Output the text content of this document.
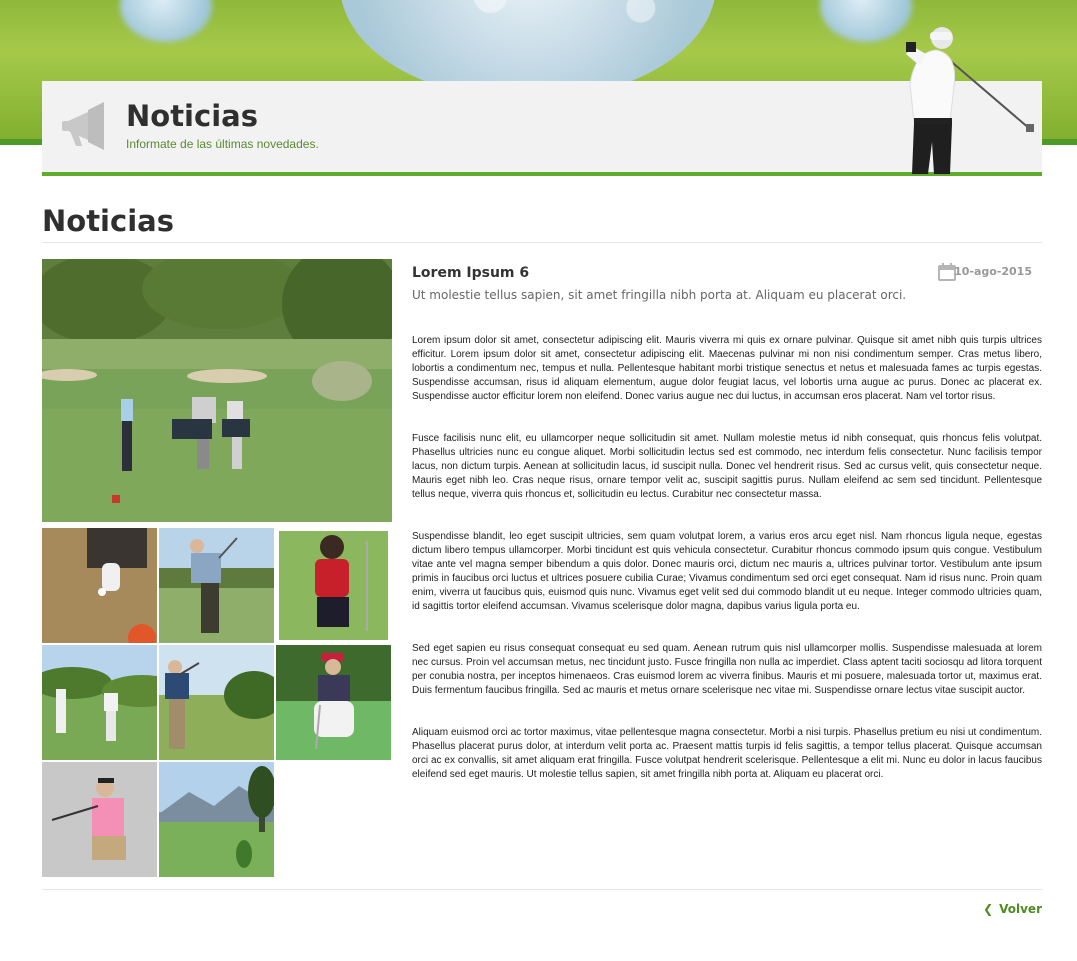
Noticias
Informate de las últimas novedades.
Noticias
Lorem Ipsum 6	10-ago-2015
Ut molestie tellus sapien, sit amet fringilla nibh porta at. Aliquam eu placerat orci.

Lorem ipsum dolor sit amet, consectetur adipiscing elit. Mauris viverra mi quis ex ornare pulvinar. Quisque sit amet nibh quis turpis ultrices efficitur. Lorem ipsum dolor sit amet, consectetur adipiscing elit. Maecenas pulvinar mi non nisi condimentum semper. Cras metus libero, lobortis a condimentum nec, tempus et nulla. Pellentesque habitant morbi tristique senectus et netus et malesuada fames ac turpis egestas. Suspendisse accumsan, risus id aliquam elementum, augue dolor feugiat lacus, vel lobortis urna augue ac purus. Donec ac placerat ex. Suspendisse auctor efficitur lorem non eleifend. Donec varius augue nec dui luctus, in accumsan eros placerat. Nam vel tortor risus.

Fusce facilisis nunc elit, eu ullamcorper neque sollicitudin sit amet. Nullam molestie metus id nibh consequat, quis rhoncus felis volutpat. Phasellus ultricies nunc eu congue aliquet. Morbi sollicitudin lectus sed est commodo, nec interdum felis consectetur. Nunc facilisis tempor lacus, non dictum turpis. Aenean at sollicitudin lacus, id suscipit nulla. Donec vel hendrerit risus. Sed ac cursus velit, quis consectetur neque. Mauris eget nibh leo. Cras neque risus, ornare tempor velit ac, suscipit sagittis purus. Nullam eleifend ac sem sed tincidunt. Pellentesque tellus neque, viverra quis rhoncus et, sollicitudin eu lectus. Curabitur nec consectetur massa.

Suspendisse blandit, leo eget suscipit ultricies, sem quam volutpat lorem, a varius eros arcu eget nisl. Nam rhoncus ligula neque, egestas dictum libero tempus ullamcorper. Morbi tincidunt est quis vehicula consectetur. Curabitur rhoncus commodo ipsum quis congue. Vestibulum vitae ante vel magna semper bibendum a quis dolor. Donec mauris orci, dictum nec mauris a, ultrices pulvinar tortor. Vestibulum ante ipsum primis in faucibus orci luctus et ultrices posuere cubilia Curae; Vivamus condimentum sed orci eget consequat. Nam id risus nunc. Proin quam enim, viverra ut faucibus quis, euismod quis nunc. Vivamus eget velit sed dui commodo blandit ut eu neque. Integer commodo ultricies quam, id sagittis tortor eleifend accumsan. Vivamus scelerisque dolor magna, dapibus varius ligula porta eu.

Sed eget sapien eu risus consequat consequat eu sed quam. Aenean rutrum quis nisl ullamcorper mollis. Suspendisse malesuada at lorem nec cursus. Proin vel accumsan metus, nec tincidunt justo. Fusce fringilla non nulla ac imperdiet. Class aptent taciti sociosqu ad litora torquent per conubia nostra, per inceptos himenaeos. Cras euismod lorem ac viverra finibus. Mauris et mi posuere, malesuada tortor ut, maximus erat. Duis fermentum faucibus fringilla. Sed ac mauris et metus ornare scelerisque nec vitae mi. Suspendisse ornare lectus vitae suscipit auctor.

Aliquam euismod orci ac tortor maximus, vitae pellentesque magna consectetur. Morbi a nisi turpis. Phasellus pretium eu nisi ut condimentum. Phasellus placerat purus dolor, at interdum velit porta ac. Praesent mattis turpis id felis sagittis, a tempor tellus placerat. Quisque accumsan orci ac ex convallis, sit amet aliquam erat fringilla. Fusce volutpat hendrerit scelerisque. Pellentesque a elit mi. Nunc eu dolor in lacus faucibus eleifend sed eget mauris. Ut molestie tellus sapien, sit amet fringilla nibh porta at. Aliquam eu placerat orci.

❮ Volver
